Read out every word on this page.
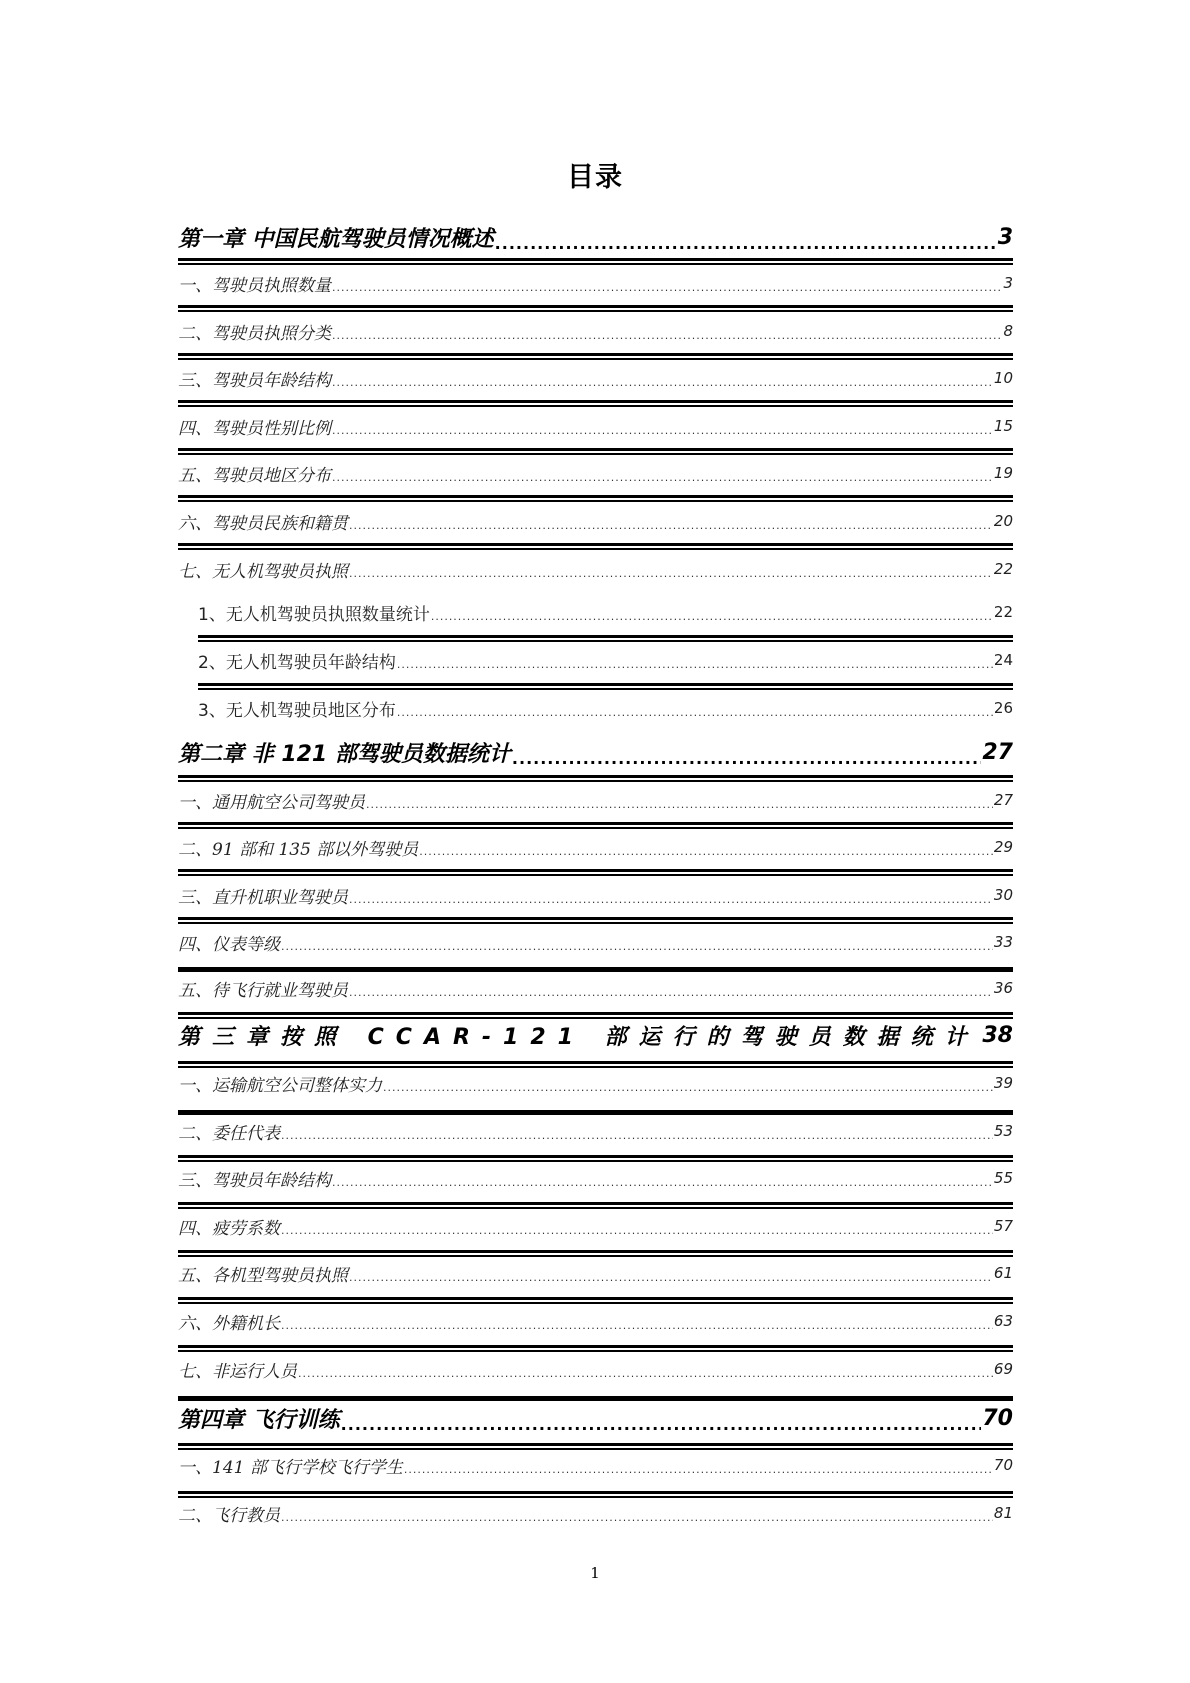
目录
第一章 中国民航驾驶员情况概述 .....	3
一、驾驶员执照数量 .....	3
二、驾驶员执照分类 .....	8
三、驾驶员年龄结构 .....	10
四、驾驶员性别比例 .....	15
五、驾驶员地区分布 .....	19
六、驾驶员民族和籍贯 .....	20
七、无人机驾驶员执照 .....	22
1、无人机驾驶员执照数量统计 .....	22
2、无人机驾驶员年龄结构 .....	24
3、无人机驾驶员地区分布 .....	26
第二章 非 121 部驾驶员数据统计 .....	27
一、通用航空公司驾驶员 .....	27
二、91 部和 135 部以外驾驶员 .....	29
三、直升机职业驾驶员 .....	30
四、仪表等级 .....	33
五、待飞行就业驾驶员 .....	36
第三章按照 CCAR-121 部运行的驾驶员数据统计 ..... 38
一、运输航空公司整体实力 .....	39
二、委任代表 .....	53
三、驾驶员年龄结构 .....	55
四、疲劳系数 .....	57
五、各机型驾驶员执照 .....	61
六、外籍机长 .....	63
七、非运行人员 .....	69
第四章 飞行训练 .....	70
一、141 部飞行学校飞行学生 .....	70
二、飞行教员 .....	81
1
